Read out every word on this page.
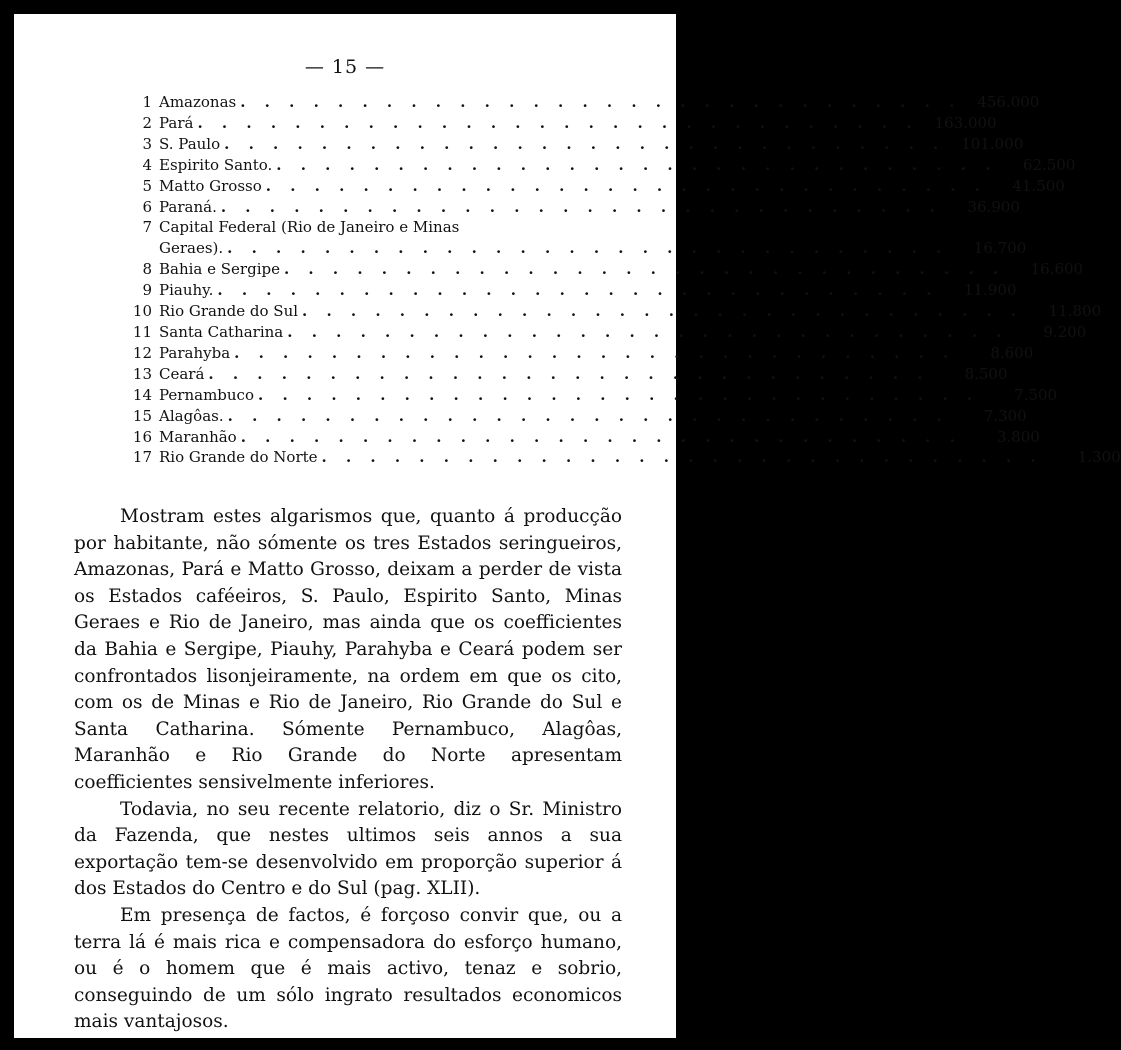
— 15 —
1 Amazonas . . . . . . . . . . . . . . . . . . . . . . . . . . . . . .	456.000
2 Pará . . . . . . . . . . . . . . . . . . . . . . . . . . . . . .	163.000
3 S. Paulo . . . . . . . . . . . . . . . . . . . . . . . . . . . . . .	101.000
4 Espirito Santo. . . . . . . . . . . . . . . . . . . . . . . . . . . . . . .	62.500
5 Matto Grosso . . . . . . . . . . . . . . . . . . . . . . . . . . . . . .	41.500
6 Paraná. . . . . . . . . . . . . . . . . . . . . . . . . . . . . . .	36.900
7 Capital Federal (Rio de Janeiro e Minas
Geraes). . . . . . . . . . . . . . . . . . . . . . . . . . . . . . .	16.700
8 Bahia e Sergipe . . . . . . . . . . . . . . . . . . . . . . . . . . . . . .	16.600
9 Piauhy. . . . . . . . . . . . . . . . . . . . . . . . . . . . . . .	11.900
10 Rio Grande do Sul . . . . . . . . . . . . . . . . . . . . . . . . . . . . . .	11.800
11 Santa Catharina . . . . . . . . . . . . . . . . . . . . . . . . . . . . . .	9.200
12 Parahyba . . . . . . . . . . . . . . . . . . . . . . . . . . . . . .	8.600
13 Ceará . . . . . . . . . . . . . . . . . . . . . . . . . . . . . .	8.500
14 Pernambuco . . . . . . . . . . . . . . . . . . . . . . . . . . . . . .	7.500
15 Alagôas. . . . . . . . . . . . . . . . . . . . . . . . . . . . . . .	7.300
16 Maranhão . . . . . . . . . . . . . . . . . . . . . . . . . . . . . .	3.800
17 Rio Grande do Norte . . . . . . . . . . . . . . . . . . . . . . . . . . . . . .	1.300

Mostram estes algarismos que, quanto á producção por habitante, não sómente os tres Estados seringueiros, Amazonas, Pará e Matto Grosso, deixam a perder de vista os Estados caféeiros, S. Paulo, Espirito Santo, Minas Geraes e Rio de Janeiro, mas ainda que os coefficientes da Bahia e Sergipe, Piauhy, Parahyba e Ceará podem ser confrontados lisonjeiramente, na ordem em que os cito, com os de Minas e Rio de Janeiro, Rio Grande do Sul e Santa Catharina. Sómente Pernambuco, Alagôas, Maranhão e Rio Grande do Norte apresentam coefficientes sensivelmente inferiores.

Todavia, no seu recente relatorio, diz o Sr. Ministro da Fazenda, que nestes ultimos seis annos a sua exportação tem-se desenvolvido em proporção superior á dos Estados do Centro e do Sul (pag. XLII).

Em presença de factos, é forçoso convir que, ou a terra lá é mais rica e compensadora do esforço humano, ou é o homem que é mais activo, tenaz e sobrio, conseguindo de um sólo ingrato resultados economicos mais vantajosos.
